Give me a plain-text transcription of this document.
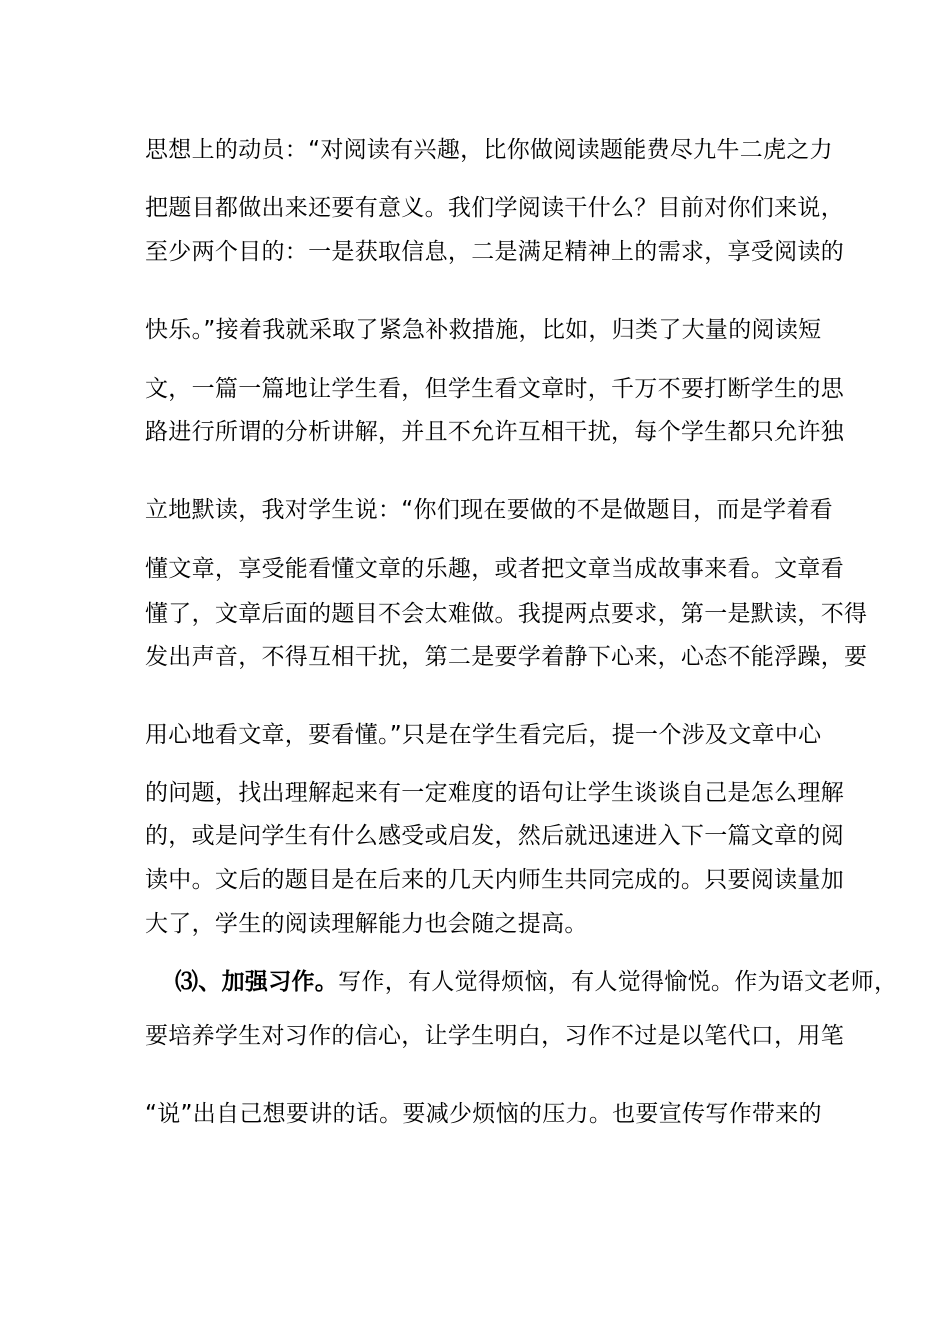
思想上的动员：“对阅读有兴趣，比你做阅读题能费尽九牛二虎之力
把题目都做出来还要有意义。我们学阅读干什么？目前对你们来说，
至少两个目的：一是获取信息，二是满足精神上的需求，享受阅读的
快乐。”接着我就采取了紧急补救措施，比如，归类了大量的阅读短
文，一篇一篇地让学生看，但学生看文章时，千万不要打断学生的思
路进行所谓的分析讲解，并且不允许互相干扰，每个学生都只允许独
立地默读，我对学生说：“你们现在要做的不是做题目，而是学着看
懂文章，享受能看懂文章的乐趣，或者把文章当成故事来看。文章看
懂了，文章后面的题目不会太难做。我提两点要求，第一是默读，不得
发出声音，不得互相干扰，第二是要学着静下心来，心态不能浮躁，要
用心地看文章，要看懂。”只是在学生看完后，提一个涉及文章中心
的问题，找出理解起来有一定难度的语句让学生谈谈自己是怎么理解
的，或是问学生有什么感受或启发，然后就迅速进入下一篇文章的阅
读中。文后的题目是在后来的几天内师生共同完成的。只要阅读量加
大了，学生的阅读理解能力也会随之提高。
⑶、加强习作。写作，有人觉得烦恼，有人觉得愉悦。作为语文老师，
要培养学生对习作的信心，让学生明白，习作不过是以笔代口，用笔
“说”出自己想要讲的话。要减少烦恼的压力。也要宣传写作带来的
